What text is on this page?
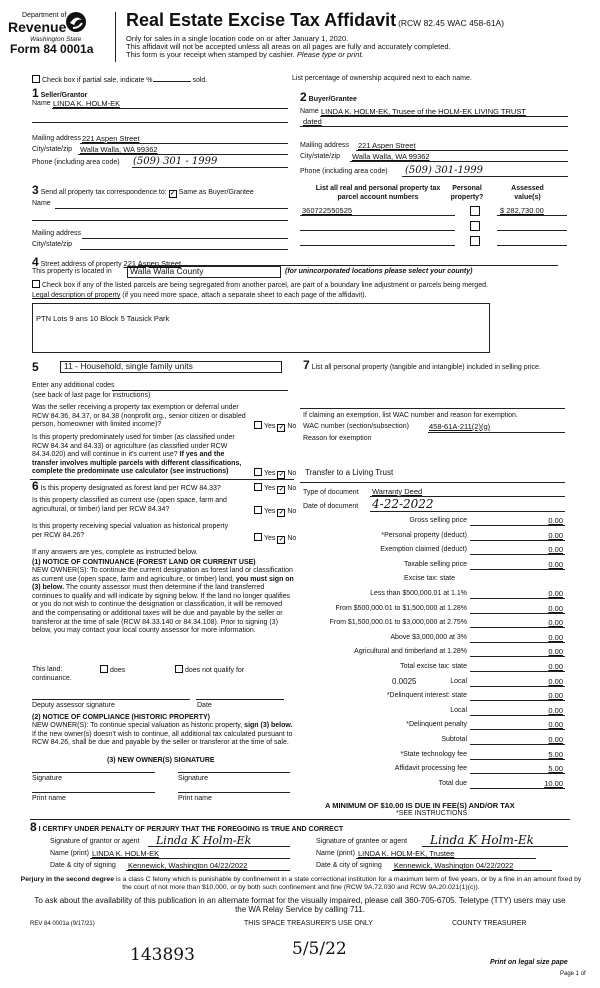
Department of
Revenue
Washington State
Form 84 0001a
Real Estate Excise Tax Affidavit (RCW 82.45 WAC 458-61A)
Only for sales in a single location code on or after January 1, 2020.
This affidavit will not be accepted unless all areas on all pages are fully and accurately completed.
This form is your receipt when stamped by cashier. Please type or print.
Check box if partial sale, indicate %	sold.	List percentage of ownership acquired next to each name.
1 Seller/Grantor
Name LINDA K. HOLM-EK
Mailing address 221 Aspen Street
City/state/zip Walla Walla, WA 99362
Phone (including area code) (509) 301 - 1999
2 Buyer/Grantee
Name LINDA K. HOLM-EK, Trusee of the HOLM-EK LIVING TRUST
dated
Mailing address 221 Aspen Street
City/state/zip Walla Walla, WA 99362
Phone (including area code) (509) 301-1999
3 Send all property tax correspondence to: ✓ Same as Buyer/Grantee
Name
Mailing address
City/state/zip
List all real and personal property tax parcel account numbers
Personal property?
Assessed value(s)
360722550525	$ 282,730.00
4 Street address of property 221 Aspen Street
This property is located in	Walla Walla County	(for unincorporated locations please select your county)
Check box if any of the listed parcels are being segregated from another parcel, are part of a boundary line adjustment or parcels being merged.
Legal description of property (if you need more space, attach a separate sheet to each page of the affidavit).
PTN Lots 9 ans 10 Block 5 Tausick Park
5	11 - Household, single family units
Enter any additional codes
(see back of last page for instructions)
Was the seller receiving a property tax exemption or deferral under RCW 84.36, 84.37, or 84.38 (nonprofit org., senior citizen or disabled person, homeowner with limited income)?	Yes ✓ No
Is this property predominately used for timber (as classified under RCW 84.34 and 84.33) or agriculture (as classified under RCW 84.34.020) and will continue in it's current use? If yes and the transfer involves multiple parcels with different classifications, complete the predominate use calculator (see instructions)	Yes ✓ No
6 Is this property designated as forest land per RCW 84.33?	Yes ✓ No
Is this property classified as current use (open space, farm and agricultural, or timber) land per RCW 84.34?	Yes ✓ No
Is this property receiving special valuation as historical property per RCW 84.26?	Yes ✓ No
If any answers are yes, complete as instructed below.
(1) NOTICE OF CONTINUANCE (FOREST LAND OR CURRENT USE)
NEW OWNER(S): To continue the current designation as forest land or classification as current use (open space, farm and agriculture, or timber) land, you must sign on (3) below. The county assessor must then determine if the land transferred continues to qualify and will indicate by signing below. If the land no longer qualifies or you do not wish to continue the designation or classification, it will be removed and the compensating or additional taxes will be due and payable by the seller or transferor at the time of sale (RCW 84.33.140 or 84.34.108). Prior to signing (3) below, you may contact your local county assessor for more information.
This land:
continuance.
does	does not qualify for
Deputy assessor signature	Date
(2) NOTICE OF COMPLIANCE (HISTORIC PROPERTY)
NEW OWNER(S): To continue special valuation as historic property, sign (3) below. If the new owner(s) doesn't wish to continue, all additional tax calculated pursuant to RCW 84.26, shall be due and payable by the seller or transferor at the time of sale.
(3) NEW OWNER(S) SIGNATURE
Signature	Signature
Print name	Print name
7 List all personal property (tangible and intangible) included in selling price.
If claiming an exemption, list WAC number and reason for exemption.
WAC number (section/subsection)	458-61A-211(2)(g)
Reason for exemption
Transfer to a Living Trust
Type of document Warranty Deed
Date of document 4-22-2022
Gross selling price	0.00
*Personal property (deduct)	0.00
Exemption claimed (deduct)	0.00
Taxable selling price	0.00
Excise tax: state
Less than $500,000.01 at 1.1%	0.00
From $500,000.01 to $1,500,000 at 1.28%	0.00
From $1,500,000.01 to $3,000,000 at 2.75%	0.00
Above $3,000,000 at 3%	0.00
Agricultural and timberland at 1.28%	0.00
Total excise tax: state	0.00
Local	0.00
*Delinquent interest: state	0.00
Local	0.00
*Delinquent penalty	0.00
Subtotal	0.00
*State technology fee	5.00
Affidavit processing fee	5.00
Total due	10.00
0.0025
A MINIMUM OF $10.00 IS DUE IN FEE(S) AND/OR TAX
*SEE INSTRUCTIONS
8 I CERTIFY UNDER PENALTY OF PERJURY THAT THE FOREGOING IS TRUE AND CORRECT
Signature of grantor or agent Linda K Holm-Ek
Name (print) LINDA K. HOLM-EK
Date & city of signing Kennewick, Washington 04/22/2022
Signature of grantee or agent Linda K Holm-Ek
Name (print) LINDA K. HOLM-EK, Trustee
Date & city of signing Kennewick, Washington 04/22/2022
Perjury in the second degree is a class C felony which is punishable by confinement in a state correctional institution for a maximum term of five years, or by a fine in an amount fixed by the court of not more than $10,000, or by both such confinement and fine (RCW 9A.72.030 and RCW 9A.20.021(1)(c)).
To ask about the availability of this publication in an alternate format for the visually impaired, please call 360-705-6705. Teletype (TTY) users may use the WA Relay Service by calling 711.
REV 84 0001a (9/17/21)	THIS SPACE TREASURER'S USE ONLY	COUNTY TREASURER
143893	5/5/22
Print on legal size pape
Page 1 of
